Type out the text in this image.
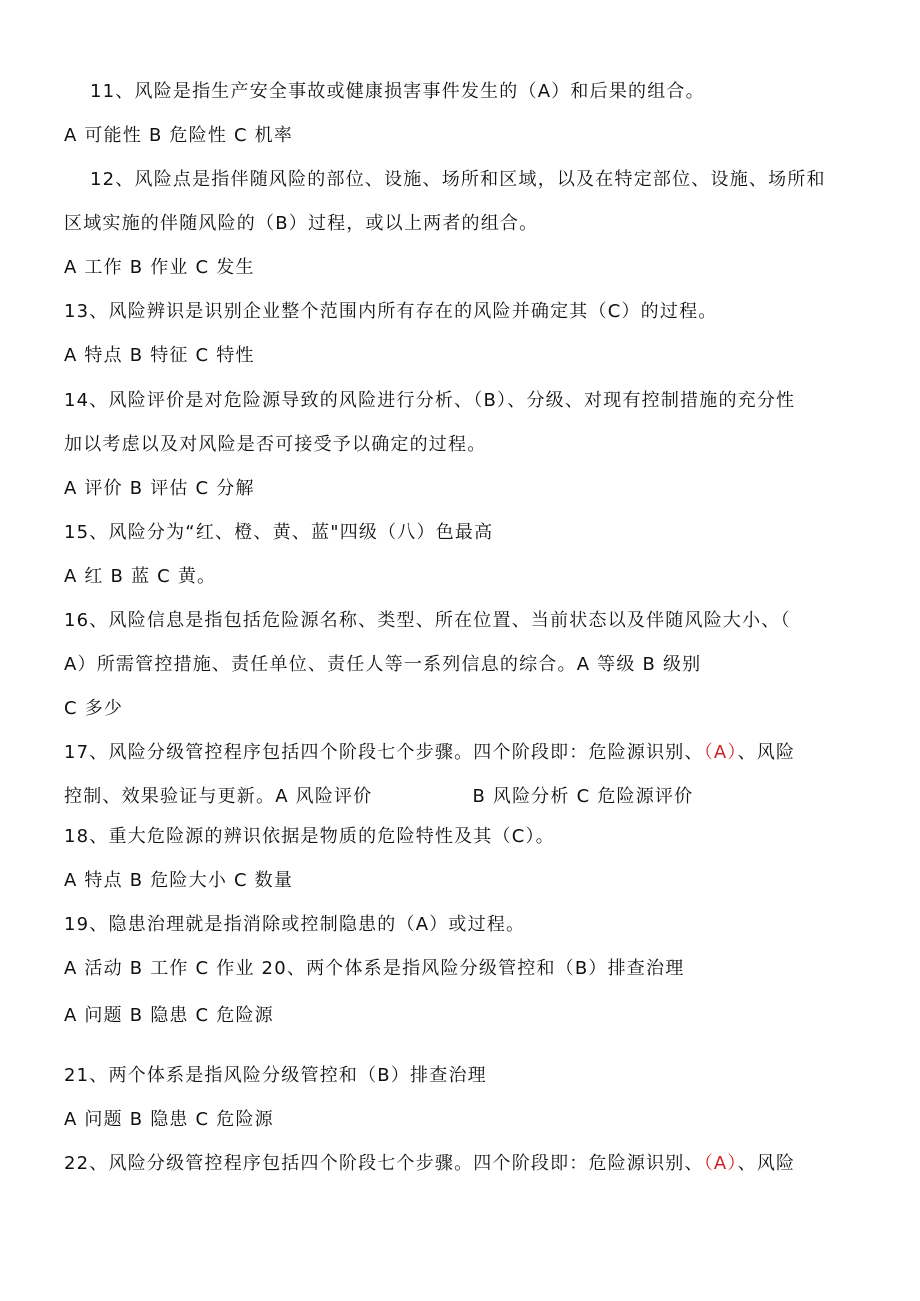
11、风险是指生产安全事故或健康损害事件发生的（A）和后果的组合。
A 可能性 B 危险性 C 机率
12、风险点是指伴随风险的部位、设施、场所和区域，以及在特定部位、设施、场所和
区域实施的伴随风险的（B）过程，或以上两者的组合。
A 工作 B 作业 C 发生
13、风险辨识是识别企业整个范围内所有存在的风险并确定其（C）的过程。
A 特点 B 特征 C 特性
14、风险评价是对危险源导致的风险进行分析、（B）、分级、对现有控制措施的充分性
加以考虑以及对风险是否可接受予以确定的过程。
A 评价 B 评估 C 分解
15、风险分为“红、橙、黄、蓝"四级（八）色最高
A 红 B 蓝 C 黄。
16、风险信息是指包括危险源名称、类型、所在位置、当前状态以及伴随风险大小、（
A）所需管控措施、责任单位、责任人等一系列信息的综合。A 等级 B 级别
C 多少
17、风险分级管控程序包括四个阶段七个步骤。四个阶段即：危险源识别、（A）、风险
控制、效果验证与更新。A 风险评价	B 风险分析 C 危险源评价
18、重大危险源的辨识依据是物质的危险特性及其（C）。
A 特点 B 危险大小 C 数量
19、隐患治理就是指消除或控制隐患的（A）或过程。
A 活动 B 工作 C 作业 20、两个体系是指风险分级管控和（B）排查治理
A 问题 B 隐患 C 危险源
21、两个体系是指风险分级管控和（B）排查治理
A 问题 B 隐患 C 危险源
22、风险分级管控程序包括四个阶段七个步骤。四个阶段即：危险源识别、（A）、风险
